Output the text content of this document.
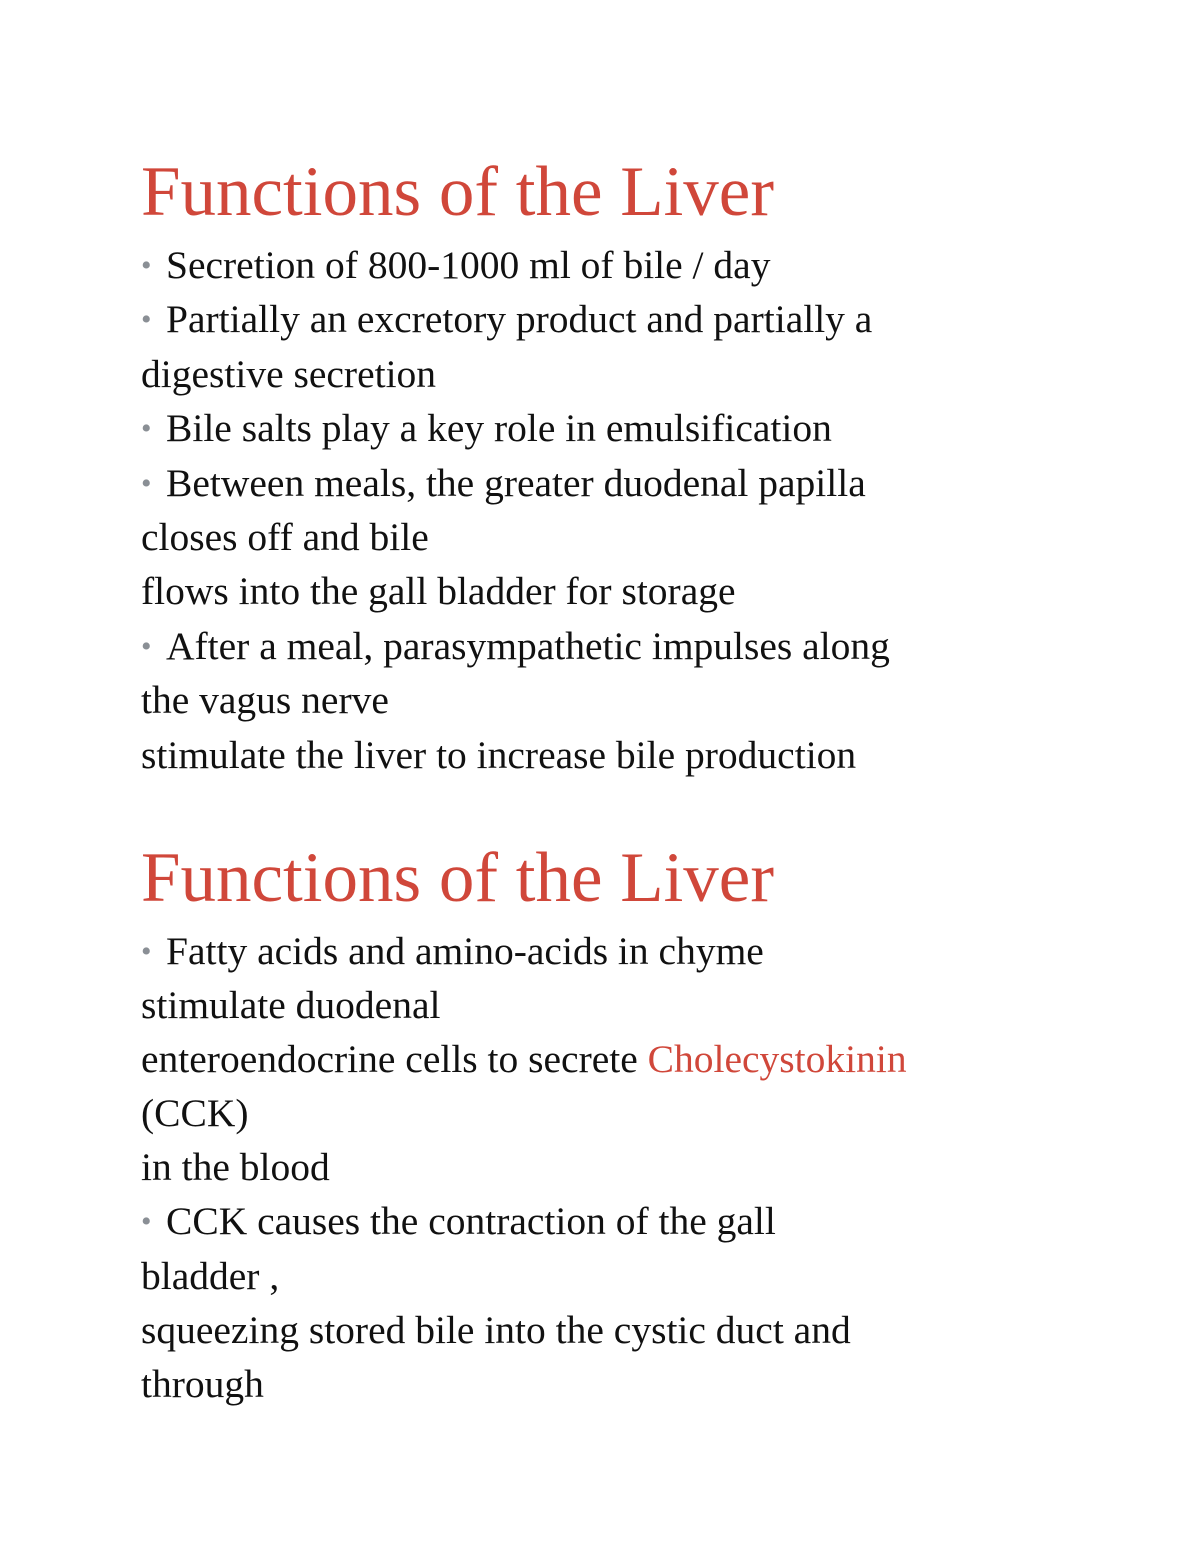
Functions of the Liver

• Secretion of 800-1000 ml of bile / day

• Partially an excretory product and partially a

digestive secretion

• Bile salts play a key role in emulsification

• Between meals, the greater duodenal papilla

closes off and bile

flows into the gall bladder for storage

• After a meal, parasympathetic impulses along

the vagus nerve

stimulate the liver to increase bile production

Functions of the Liver

• Fatty acids and amino-acids in chyme

stimulate duodenal

enteroendocrine cells to secrete Cholecystokinin

(CCK)

in the blood

• CCK causes the contraction of the gall

bladder ,

squeezing stored bile into the cystic duct and

through
